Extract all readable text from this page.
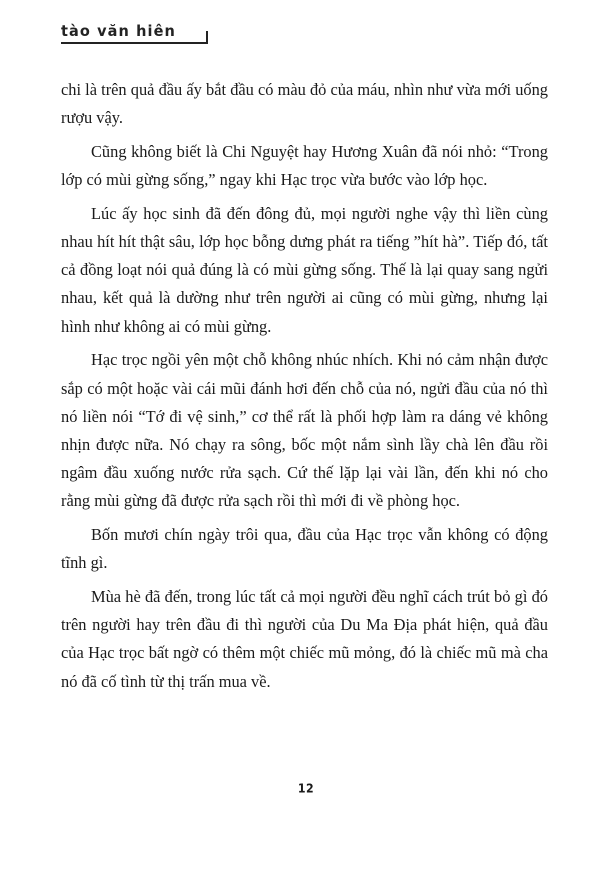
tào văn hiên

chi là trên quả đầu ấy bắt đầu có màu đỏ của máu, nhìn như vừa mới uống rượu vậy.

Cũng không biết là Chi Nguyệt hay Hương Xuân đã nói nhỏ: “Trong lớp có mùi gừng sống,” ngay khi Hạc trọc vừa bước vào lớp học.

Lúc ấy học sinh đã đến đông đủ, mọi người nghe vậy thì liền cùng nhau hít hít thật sâu, lớp học bỗng dưng phát ra tiếng ”hít hà”. Tiếp đó, tất cả đồng loạt nói quả đúng là có mùi gừng sống. Thế là lại quay sang ngửi nhau, kết quả là dường như trên người ai cũng có mùi gừng, nhưng lại hình như không ai có mùi gừng.

Hạc trọc ngồi yên một chỗ không nhúc nhích. Khi nó cảm nhận được sắp có một hoặc vài cái mũi đánh hơi đến chỗ của nó, ngửi đầu của nó thì nó liền nói “Tớ đi vệ sinh,” cơ thể rất là phối hợp làm ra dáng vẻ không nhịn được nữa. Nó chạy ra sông, bốc một nắm sình lầy chà lên đầu rồi ngâm đầu xuống nước rửa sạch. Cứ thế lặp lại vài lần, đến khi nó cho rằng mùi gừng đã được rửa sạch rồi thì mới đi về phòng học.

Bốn mươi chín ngày trôi qua, đầu của Hạc trọc vẫn không có động tĩnh gì.

Mùa hè đã đến, trong lúc tất cả mọi người đều nghĩ cách trút bỏ gì đó trên người hay trên đầu đi thì người của Du Ma Địa phát hiện, quả đầu của Hạc trọc bất ngờ có thêm một chiếc mũ mỏng, đó là chiếc mũ mà cha nó đã cố tình từ thị trấn mua về.

12
